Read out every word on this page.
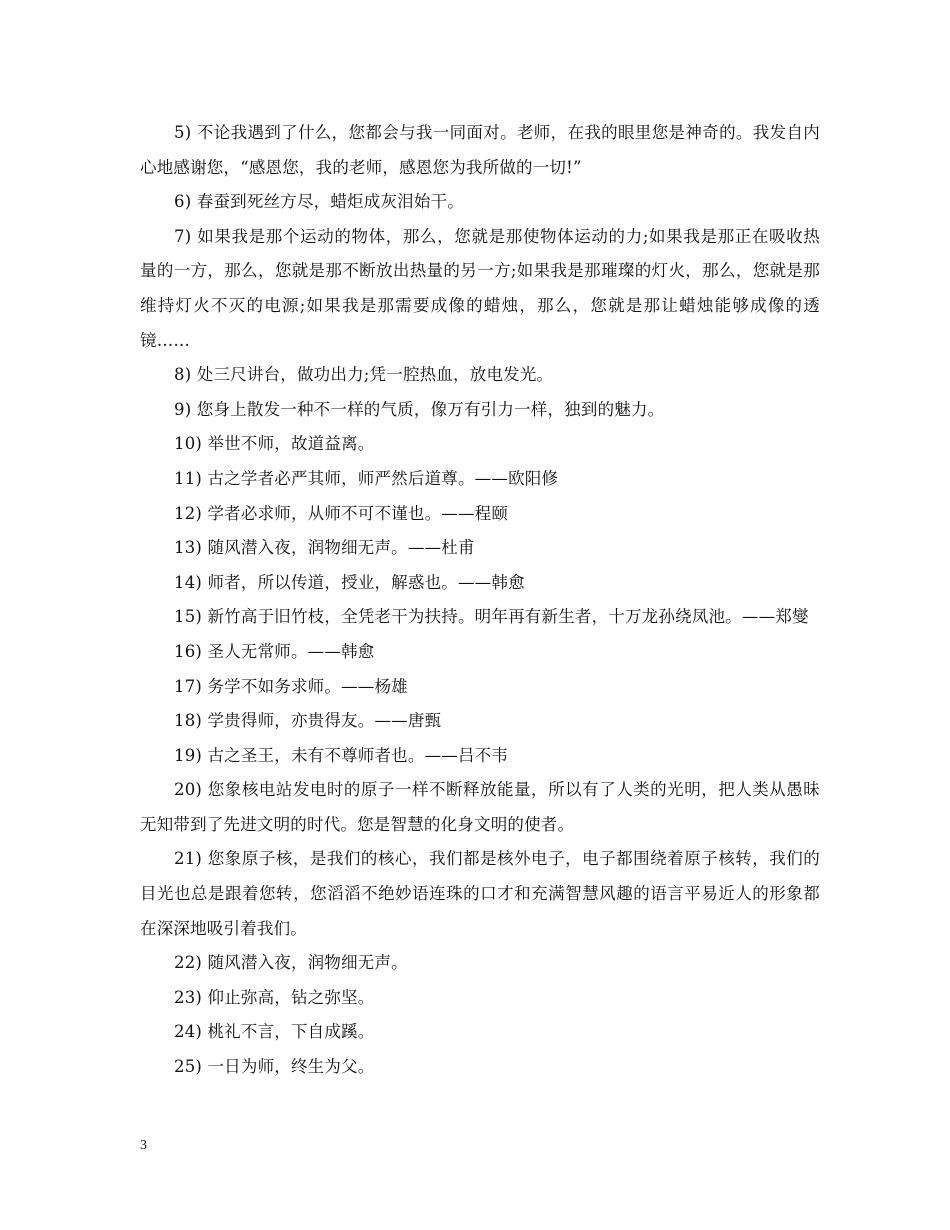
5) 不论我遇到了什么，您都会与我一同面对。老师，在我的眼里您是神奇的。我发自内心地感谢您，“感恩您，我的老师，感恩您为我所做的一切!”

6) 春蚕到死丝方尽，蜡炬成灰泪始干。

7) 如果我是那个运动的物体，那么，您就是那使物体运动的力;如果我是那正在吸收热量的一方，那么，您就是那不断放出热量的另一方;如果我是那璀璨的灯火，那么，您就是那维持灯火不灭的电源;如果我是那需要成像的蜡烛，那么，您就是那让蜡烛能够成像的透镜……

8) 处三尺讲台，做功出力;凭一腔热血，放电发光。

9) 您身上散发一种不一样的气质，像万有引力一样，独到的魅力。

10) 举世不师，故道益离。

11) 古之学者必严其师，师严然后道尊。——欧阳修

12) 学者必求师，从师不可不谨也。——程颐

13) 随风潜入夜，润物细无声。——杜甫

14) 师者，所以传道，授业，解惑也。——韩愈

15) 新竹高于旧竹枝，全凭老干为扶持。明年再有新生者，十万龙孙绕凤池。——郑燮

16) 圣人无常师。——韩愈

17) 务学不如务求师。——杨雄

18) 学贵得师，亦贵得友。——唐甄

19) 古之圣王，未有不尊师者也。——吕不韦

20) 您象核电站发电时的原子一样不断释放能量，所以有了人类的光明，把人类从愚昧无知带到了先进文明的时代。您是智慧的化身文明的使者。

21) 您象原子核，是我们的核心，我们都是核外电子，电子都围绕着原子核转，我们的目光也总是跟着您转，您滔滔不绝妙语连珠的口才和充满智慧风趣的语言平易近人的形象都在深深地吸引着我们。

22) 随风潜入夜，润物细无声。

23) 仰止弥高，钻之弥坚。

24) 桃礼不言，下自成蹊。

25) 一日为师，终生为父。

3
